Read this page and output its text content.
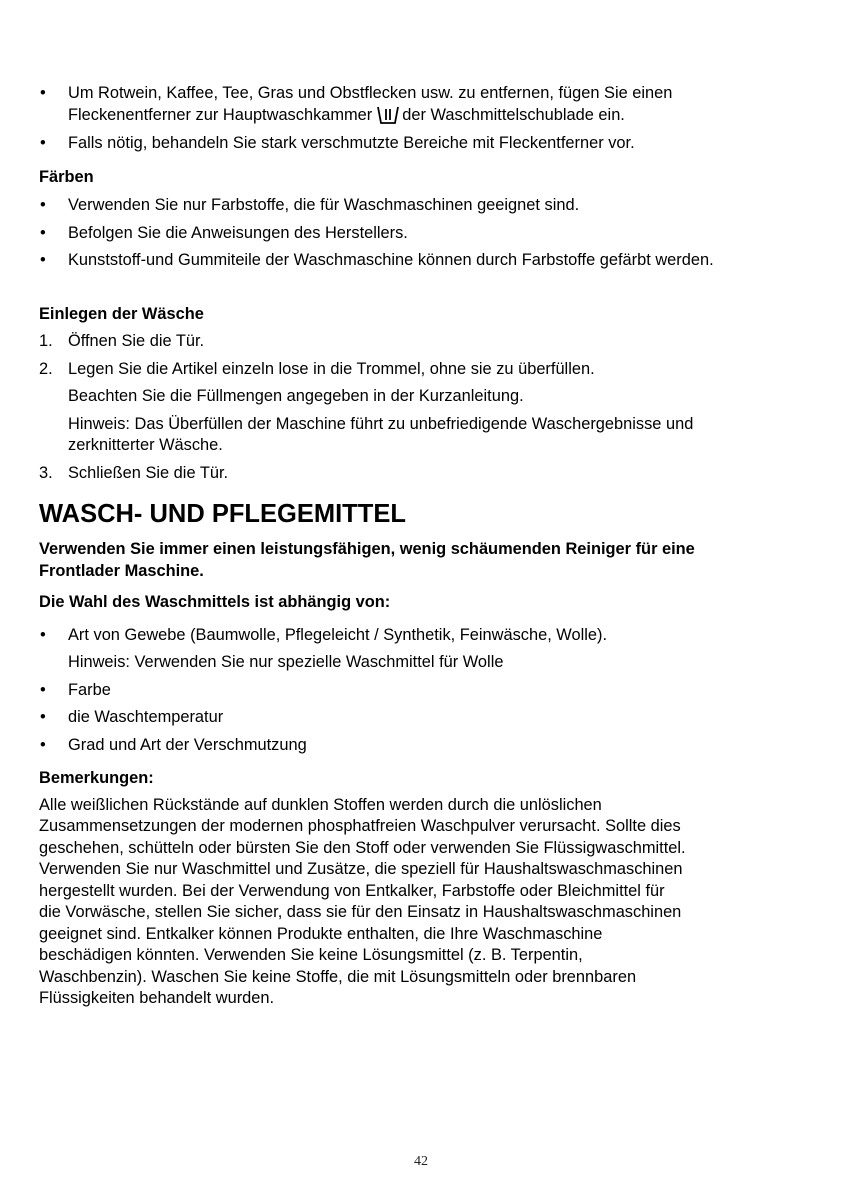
• Um Rotwein, Kaffee, Tee, Gras und Obstflecken usw. zu entfernen, fügen Sie einen Fleckenentferner zur Hauptwaschkammer der Waschmittelschublade ein.
• Falls nötig, behandeln Sie stark verschmutzte Bereiche mit Fleckentferner vor.
Färben
• Verwenden Sie nur Farbstoffe, die für Waschmaschinen geeignet sind.
• Befolgen Sie die Anweisungen des Herstellers.
• Kunststoff-und Gummiteile der Waschmaschine können durch Farbstoffe gefärbt werden.
Einlegen der Wäsche
1. Öffnen Sie die Tür.
2. Legen Sie die Artikel einzeln lose in die Trommel, ohne sie zu überfüllen.
Beachten Sie die Füllmengen angegeben in der Kurzanleitung.
Hinweis: Das Überfüllen der Maschine führt zu unbefriedigende Waschergebnisse und zerknitterter Wäsche.
3. Schließen Sie die Tür.
WASCH- UND PFLEGEMITTEL
Verwenden Sie immer einen leistungsfähigen, wenig schäumenden Reiniger für eine Frontlader Maschine.
Die Wahl des Waschmittels ist abhängig von:
• Art von Gewebe (Baumwolle, Pflegeleicht / Synthetik, Feinwäsche, Wolle).
Hinweis: Verwenden Sie nur spezielle Waschmittel für Wolle
• Farbe
• die Waschtemperatur
• Grad und Art der Verschmutzung
Bemerkungen:
Alle weißlichen Rückstände auf dunklen Stoffen werden durch die unlöslichen
Zusammensetzungen der modernen phosphatfreien Waschpulver verursacht. Sollte dies
geschehen, schütteln oder bürsten Sie den Stoff oder verwenden Sie Flüssigwaschmittel.
Verwenden Sie nur Waschmittel und Zusätze, die speziell für Haushaltswaschmaschinen
hergestellt wurden. Bei der Verwendung von Entkalker, Farbstoffe oder Bleichmittel für
die Vorwäsche, stellen Sie sicher, dass sie für den Einsatz in Haushaltswaschmaschinen
geeignet sind. Entkalker können Produkte enthalten, die Ihre Waschmaschine
beschädigen könnten. Verwenden Sie keine Lösungsmittel (z. B. Terpentin,
Waschbenzin). Waschen Sie keine Stoffe, die mit Lösungsmitteln oder brennbaren
Flüssigkeiten behandelt wurden.
42
